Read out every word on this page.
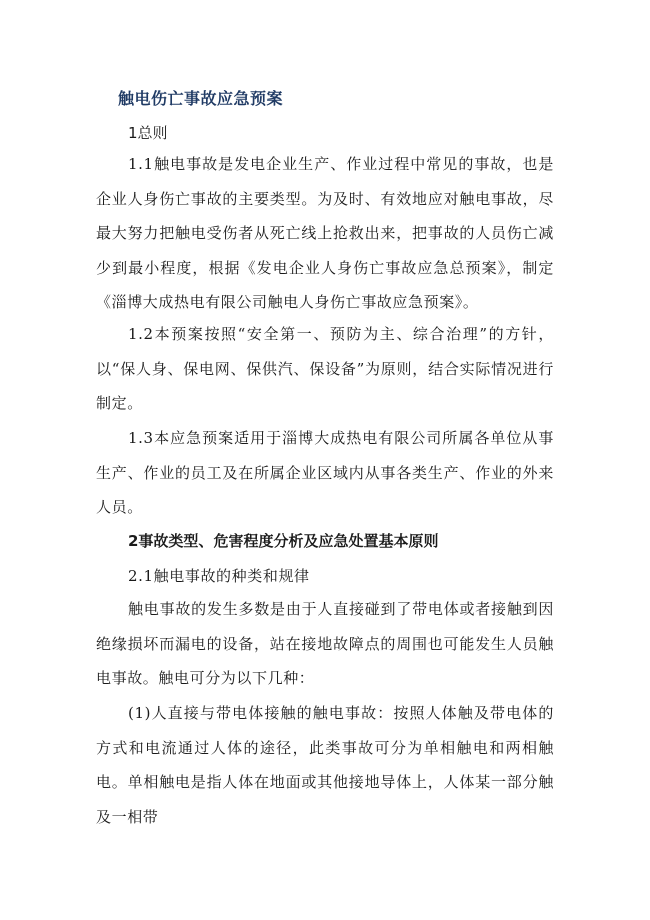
触电伤亡事故应急预案
1总则

1.1触电事故是发电企业生产、作业过程中常见的事故，也是企业人身伤亡事故的主要类型。为及时、有效地应对触电事故，尽最大努力把触电受伤者从死亡线上抢救出来，把事故的人员伤亡减少到最小程度，根据《发电企业人身伤亡事故应急总预案》，制定《淄博大成热电有限公司触电人身伤亡事故应急预案》。

1.2本预案按照“安全第一、预防为主、综合治理”的方针，以“保人身、保电网、保供汽、保设备”为原则，结合实际情况进行制定。

1.3本应急预案适用于淄博大成热电有限公司所属各单位从事生产、作业的员工及在所属企业区域内从事各类生产、作业的外来人员。

2事故类型、危害程度分析及应急处置基本原则
2.1触电事故的种类和规律

触电事故的发生多数是由于人直接碰到了带电体或者接触到因绝缘损坏而漏电的设备，站在接地故障点的周围也可能发生人员触电事故。触电可分为以下几种：

(1)人直接与带电体接触的触电事故：按照人体触及带电体的方式和电流通过人体的途径，此类事故可分为单相触电和两相触电。单相触电是指人体在地面或其他接地导体上，人体某一部分触及一相带
